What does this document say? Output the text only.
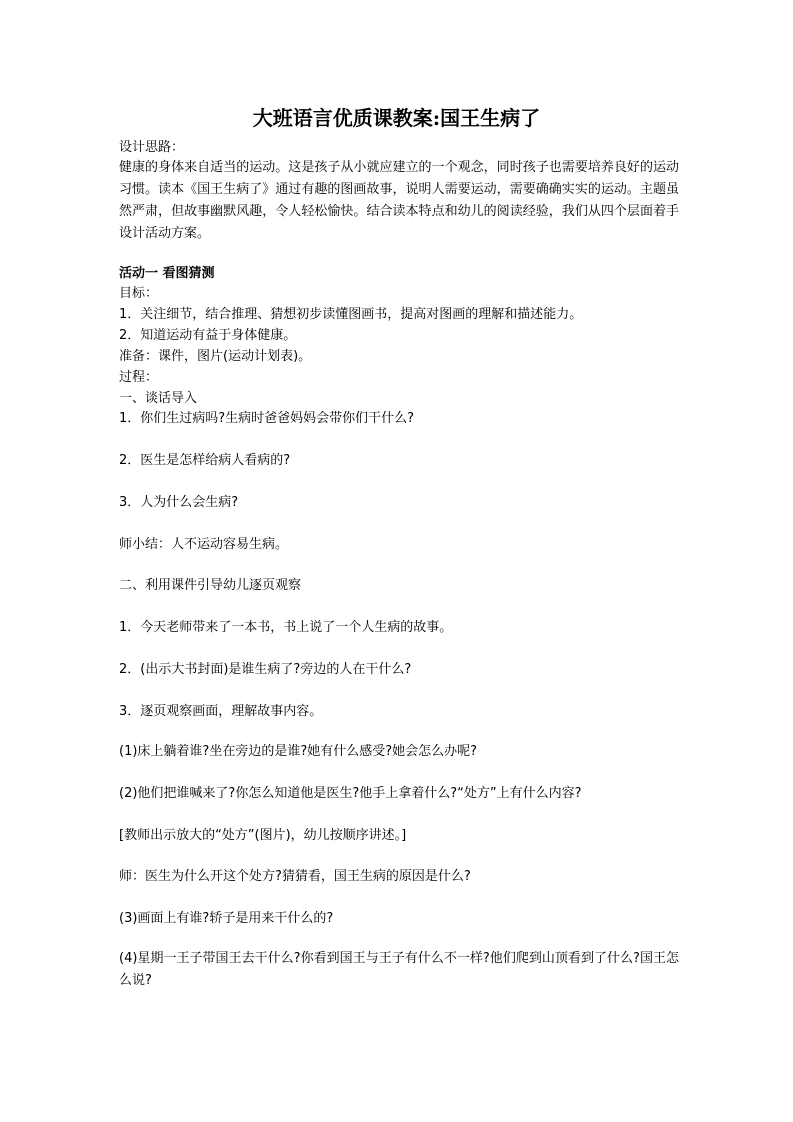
大班语言优质课教案:国王生病了
设计思路：
健康的身体来自适当的运动。这是孩子从小就应建立的一个观念，同时孩子也需要培养良好的运动习惯。读本《国王生病了》通过有趣的图画故事，说明人需要运动，需要确确实实的运动。主题虽然严肃，但故事幽默风趣，令人轻松愉快。结合读本特点和幼儿的阅读经验，我们从四个层面着手设计活动方案。
活动一 看图猜测
目标：
1．关注细节，结合推理、猜想初步读懂图画书，提高对图画的理解和描述能力。
2．知道运动有益于身体健康。
准备：课件，图片(运动计划表)。
过程：
一、谈话导入
1．你们生过病吗?生病时爸爸妈妈会带你们干什么?
2．医生是怎样给病人看病的?
3．人为什么会生病?
师小结：人不运动容易生病。
二、利用课件引导幼儿逐页观察
1．今天老师带来了一本书，书上说了一个人生病的故事。
2．(出示大书封面)是谁生病了?旁边的人在干什么?
3．逐页观察画面，理解故事内容。
(1)床上躺着谁?坐在旁边的是谁?她有什么感受?她会怎么办呢?
(2)他们把谁喊来了?你怎么知道他是医生?他手上拿着什么?“处方”上有什么内容?
[教师出示放大的“处方”(图片)，幼儿按顺序讲述。]
师：医生为什么开这个处方?猜猜看，国王生病的原因是什么?
(3)画面上有谁?轿子是用来干什么的?
(4)星期一王子带国王去干什么?你看到国王与王子有什么不一样?他们爬到山顶看到了什么?国王怎么说?
